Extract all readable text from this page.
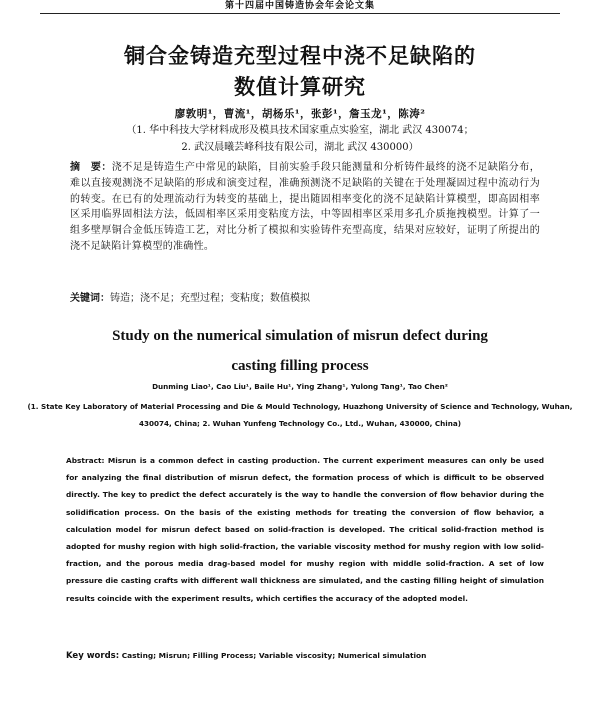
第十四届中国铸造协会年会论文集
铜合金铸造充型过程中浇不足缺陷的
数值计算研究
廖敦明¹，曹流¹，胡杨乐¹，张彭¹，詹玉龙¹，陈涛²
（1. 华中科技大学材料成形及模具技术国家重点实验室，湖北 武汉 430074；
2. 武汉晨曦芸峰科技有限公司，湖北 武汉 430000）
摘　要：浇不足是铸造生产中常见的缺陷，目前实验手段只能测量和分析铸件最终的浇不足缺陷分布，难以直接观测浇不足缺陷的形成和演变过程，准确预测浇不足缺陷的关键在于处理凝固过程中流动行为的转变。在已有的处理流动行为转变的基础上，提出随固相率变化的浇不足缺陷计算模型，即高固相率区采用临界固相法方法，低固相率区采用变粘度方法，中等固相率区采用多孔介质拖拽模型。计算了一组多壁厚铜合金低压铸造工艺，对比分析了模拟和实验铸件充型高度，结果对应较好，证明了所提出的浇不足缺陷计算模型的准确性。
关键词：铸造；浇不足；充型过程；变粘度；数值模拟
Study on the numerical simulation of misrun defect during
casting filling process
Dunming Liao¹, Cao Liu¹, Baile Hu¹, Ying Zhang¹, Yulong Tang¹, Tao Chen²
(1. State Key Laboratory of Material Processing and Die & Mould Technology, Huazhong University of Science and Technology, Wuhan, 430074, China; 2. Wuhan Yunfeng Technology Co., Ltd., Wuhan, 430000, China)
Abstract: Misrun is a common defect in casting production. The current experiment measures can only be used for analyzing the final distribution of misrun defect, the formation process of which is difficult to be observed directly. The key to predict the defect accurately is the way to handle the conversion of flow behavior during the solidification process. On the basis of the existing methods for treating the conversion of flow behavior, a calculation model for misrun defect based on solid-fraction is developed. The critical solid-fraction method is adopted for mushy region with high solid-fraction, the variable viscosity method for mushy region with low solid-fraction, and the porous media drag-based model for mushy region with middle solid-fraction. A set of low pressure die casting crafts with different wall thickness are simulated, and the casting filling height of simulation results coincide with the experiment results, which certifies the accuracy of the adopted model.
Key words: Casting; Misrun; Filling Process; Variable viscosity; Numerical simulation
